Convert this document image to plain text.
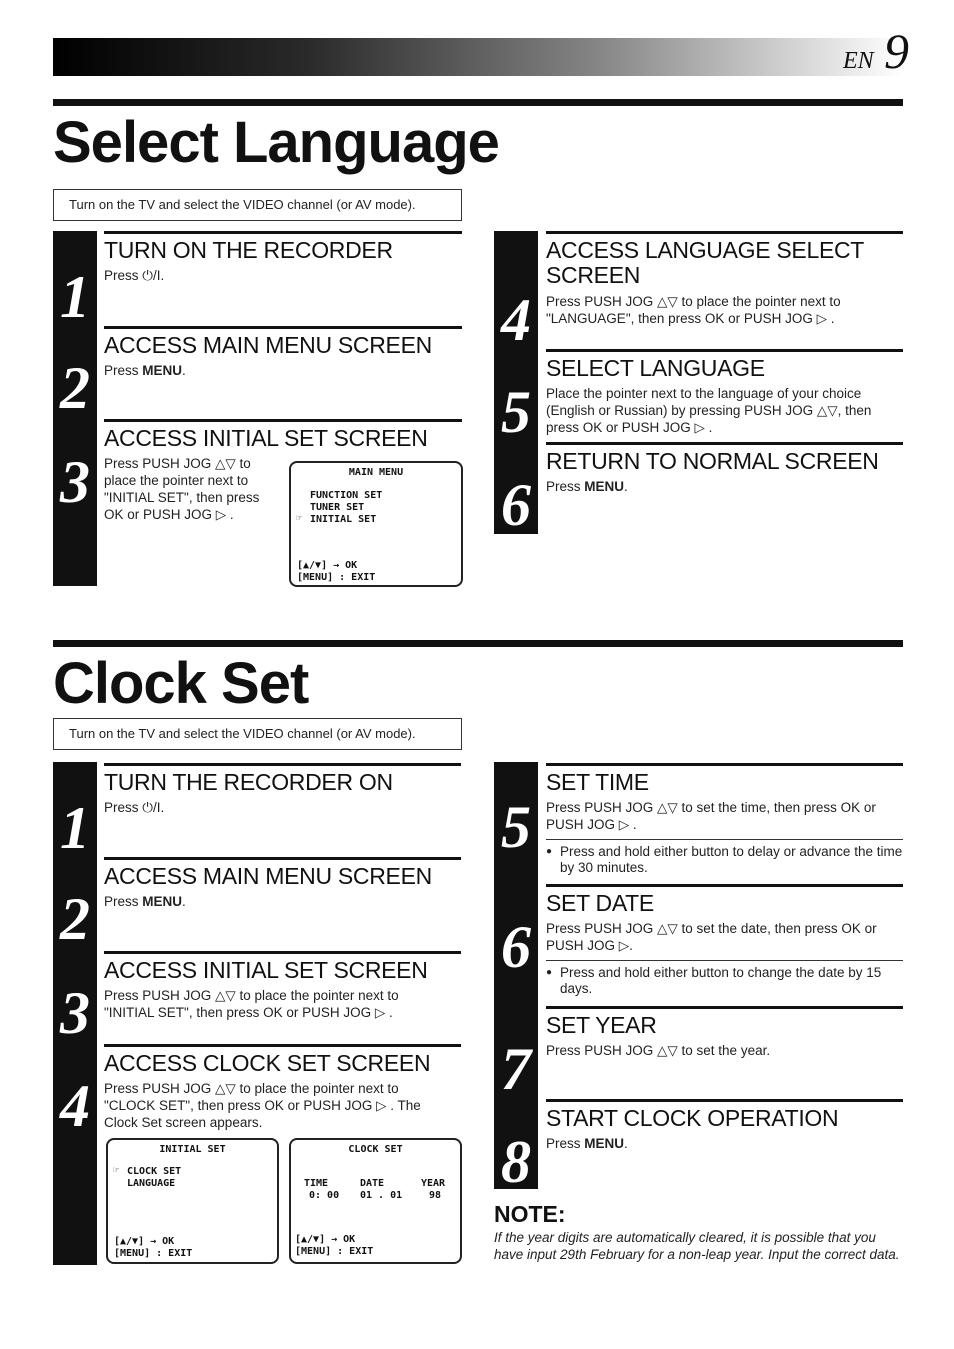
EN 9
Select Language
Turn on the TV and select the VIDEO channel (or AV mode).
1
2
3
TURN ON THE RECORDER
Press ⏻/I.
ACCESS MAIN MENU SCREEN
Press MENU.
ACCESS INITIAL SET SCREEN
Press PUSH JOG △▽ to
place the pointer next to
"INITIAL SET", then press
OK or PUSH JOG ▷ .
MAIN MENU
FUNCTION SET
TUNER SET
☞ INITIAL SET
[▲/▼] → OK
[MENU] : EXIT
4
5
6
ACCESS LANGUAGE SELECT
SCREEN
Press PUSH JOG △▽ to place the pointer next to
"LANGUAGE", then press OK or PUSH JOG ▷ .
SELECT LANGUAGE
Place the pointer next to the language of your choice
(English or Russian) by pressing PUSH JOG △▽, then
press OK or PUSH JOG ▷ .
RETURN TO NORMAL SCREEN
Press MENU.
Clock Set
Turn on the TV and select the VIDEO channel (or AV mode).
1
2
3
4
TURN THE RECORDER ON
Press ⏻/I.
ACCESS MAIN MENU SCREEN
Press MENU.
ACCESS INITIAL SET SCREEN
Press PUSH JOG △▽ to place the pointer next to
"INITIAL SET", then press OK or PUSH JOG ▷ .
ACCESS CLOCK SET SCREEN
Press PUSH JOG △▽ to place the pointer next to
"CLOCK SET", then press OK or PUSH JOG ▷ . The
Clock Set screen appears.
INITIAL SET
☞ CLOCK SET
LANGUAGE
[▲/▼] → OK
[MENU] : EXIT
CLOCK SET
TIME	DATE	YEAR
0: 00 01 . 01	98
[▲/▼] → OK
[MENU] : EXIT
5
6
7
8
SET TIME
Press PUSH JOG △▽ to set the time, then press OK or
PUSH JOG ▷ .
● Press and hold either button to delay or advance the time by 30 minutes.
SET DATE
Press PUSH JOG △▽ to set the date, then press OK or
PUSH JOG ▷.
● Press and hold either button to change the date by 15 days.
SET YEAR
Press PUSH JOG △▽ to set the year.
START CLOCK OPERATION
Press MENU.
NOTE:
If the year digits are automatically cleared, it is possible that you have input 29th February for a non-leap year. Input the correct data.
